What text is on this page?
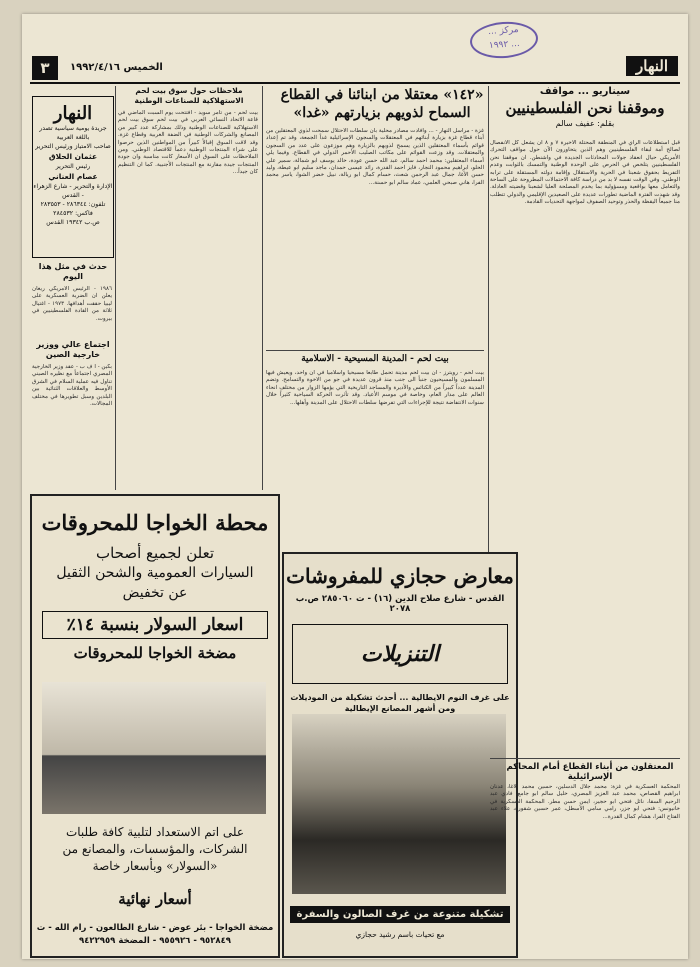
مركز ...
... ١٩٩٢
النهار
الخميس ١٩٩٢/٤/١٦
٣
سيناريو ... مواقف
وموقفنا نحن الفلسطينيين
بقلم: عفيف سالم
قبل استطلاعات الرأي في المنطقة المحتلة الأخيرة ٧ و ٨ ان يشعل كل الانفصال لصالح أمة لبقاء الفلسطينيين وهم الذين يتحاورون الآن حول مواقف التحرك الأمريكي حيال انعقاد جولات المحادثات الجديدة في واشنطن. ان موقفنا نحن الفلسطينيين يتلخص في الحرص على الوحدة الوطنية والتمسك بالثوابت وعدم التفريط بحقوق شعبنا في الحرية والاستقلال وإقامة دولته المستقلة على ترابه الوطني. وفي الوقت نفسه لا بد من دراسة كافة الاحتمالات المطروحة على الساحة والتعامل معها بواقعية ومسؤولية بما يخدم المصلحة العليا لشعبنا وقضيته العادلة. وقد شهدت الفترة الماضية تطورات عديدة على الصعيدين الإقليمي والدولي تتطلب منا جميعاً اليقظة والحذر وتوحيد الصفوف لمواجهة التحديات القادمة.
«١٤٢» معتقلا من ابنائنا في القطاع
السماح لذويهم بزيارتهم «غدا»
غزة - مراسل النهار - ... وأفادت مصادر محلية بأن سلطات الاحتلال سمحت لذوي المعتقلين من أبناء قطاع غزة بزيارة أبنائهم في المعتقلات والسجون الإسرائيلية غداً الجمعة، وقد تم إعداد قوائم بأسماء المعتقلين الذين يسمح لذويهم بالزيارة وهم موزعون على عدد من السجون والمعتقلات. وقد وزعت القوائم على مكاتب الصليب الأحمر الدولي في القطاع. وفيما يلي أسماء المعتقلين: محمد احمد سالم، عبد الله حسن عودة، خالد يوسف ابو شمالة، سمير علي الحلو، ابراهيم محمود النجار، فايز احمد القدرة، رائد عيسى حمدان، ماجد سليم ابو عيطة، وليد حسن الأغا، جمال عبد الرحمن شعث، حسام كمال ابو ريالة، نبيل خضر الشوا، ياسر محمد الفرا، هاني صبحي العلمي، عماد سالم ابو حسنة...
بيت لحم - المدينة المسيحية - الاسلامية
بيت لحم - رويترز - ان بيت لحم مدينة تحمل طابعاً مسيحياً واسلامياً في آن واحد، ويعيش فيها المسلمون والمسيحيون جنباً الى جنب منذ قرون عديدة في جو من الاخوة والتسامح. وتضم المدينة عدداً كبيراً من الكنائس والأديرة والمساجد التاريخية التي يؤمها الزوار من مختلف انحاء العالم على مدار العام، وخاصة في موسم الأعياد. وقد تأثرت الحركة السياحية كثيراً خلال سنوات الانتفاضة نتيجة للإجراءات التي تفرضها سلطات الاحتلال على المدينة وأهلها...
ملاحظات حول سوق بيت لحم الاستهلاكية للصناعات الوطنية
بيت لحم - من تامر سويد - افتتحت يوم السبت الماضي في قاعة الاتحاد النسائي العربي في بيت لحم سوق بيت لحم الاستهلاكية للصناعات الوطنية وذلك بمشاركة عدد كبير من المصانع والشركات الوطنية في الضفة الغربية وقطاع غزة. وقد لاقت السوق إقبالاً كبيراً من المواطنين الذين حرصوا على شراء المنتجات الوطنية دعماً للاقتصاد الوطني. ومن الملاحظات على السوق ان الأسعار كانت مناسبة وان جودة المنتجات جيدة مقارنة مع المنتجات الأجنبية. كما ان التنظيم كان جيداً...
النهار
جريدة يومية سياسية تصدر باللغة العربية
صاحب الامتياز ورئيس التحرير
عثمان الحلاق
رئيس التحرير
عصام العناني
الإدارة والتحرير - شارع الزهراء - القدس
تلفون: ٢٨٦٣٤٤ - ٢٨٣٥٥٣
فاكس: ٢٨٤٥٣٢
ص.ب ١٩٣٤٢ القدس
حدث في مثل هذا اليوم
١٩٨٦ - الرئيس الامريكي ريغان يعلن ان الضربة العسكرية على ليبيا حققت أهدافها. ١٩٧٣ - اغتيال ثلاثة من القادة الفلسطينيين في بيروت.
اجتماع عالي ووزير خارجية الصين
بكين - ا ف ب - عقد وزير الخارجية المصري اجتماعاً مع نظيره الصيني تناول فيه عملية السلام في الشرق الأوسط والعلاقات الثنائية بين البلدين وسبل تطويرها في مختلف المجالات.
محطة الخواجا للمحروقات
تعلن لجميع أصحاب
السيارات العمومية والشحن الثقيل
عن تخفيض
اسعار السولار بنسبة ١٤٪
مضخة الخواجا للمحروقات
على اتم الاستعداد لتلبية كافة طلبات الشركات، والمؤسسات، والمصانع من «السولار» وبأسعار خاصة
أسعار نهائية
مضخة الخواجا - بئر عوض - شارع الطالعون - رام الله - ت ٩٥٢٨٤٩ - ٩٥٥٩٢٦ - المضخة ٩٤٢٢٩٥٩
معارض حجازي للمفروشات
القدس - شارع صلاح الدين (١٦) - ت ٢٨٥٠٦٠ ص.ب ٢٠٧٨
التنزيلات
على غرف النوم الايطالية ... أحدث تشكيلة من الموديلات ومن أشهر المصانع الإيطالية
تشكيلة متنوعة من غرف الصالون والسفرة
مع تحيات باسم رشيد حجازي
المعتقلون من أبناء القطاع أمام المحاكم الإسرائيلية
المحكمة العسكرية في غزة: محمد جلال الدسلين، حسين محمد الأغا، عدنان ابراهيم القصاص، محمد عبد العزيز المصري، خليل سالم ابو جامع، فادي عبد الرحيم السقا، نائل فتحي ابو حجير، ايمن حسن مطر. المحكمة العسكرية في خانيونس: فتحي ابو جزر، رامي سامي الأسطل، عمر حسين شقورة، علاء عبد الفتاح الفرا، هشام كمال القدرة...
